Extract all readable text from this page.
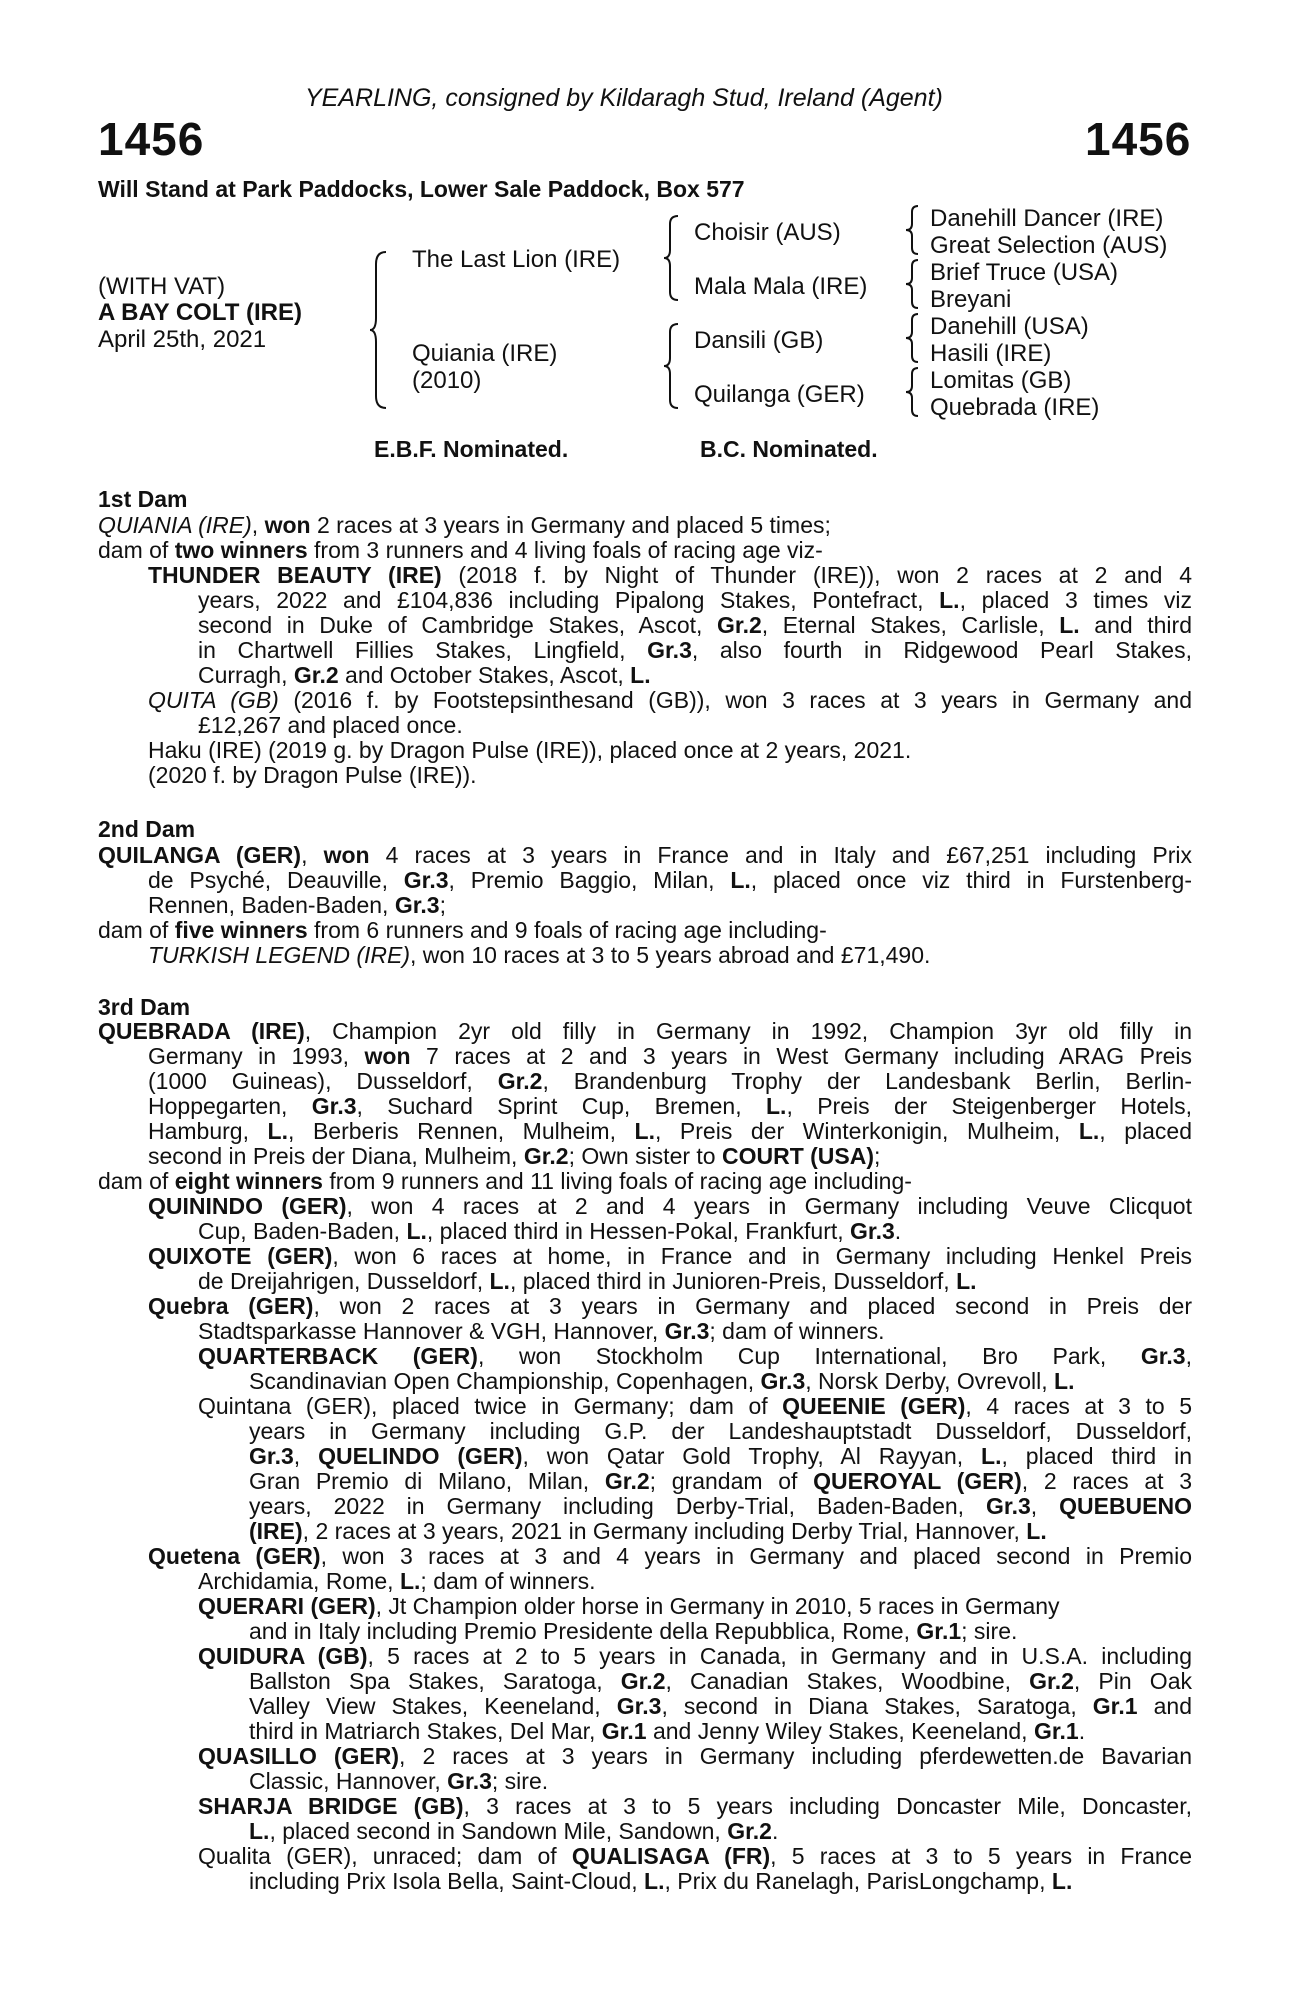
YEARLING, consigned by Kildaragh Stud, Ireland (Agent)
1456	1456
Will Stand at Park Paddocks, Lower Sale Paddock, Box 577
(WITH VAT)
A BAY COLT (IRE)
April 25th, 2021
The Last Lion (IRE)
Quiania (IRE)
(2010)
Choisir (AUS)
Mala Mala (IRE)
Dansili (GB)
Quilanga (GER)
Danehill Dancer (IRE)
Great Selection (AUS)
Brief Truce (USA)
Breyani
Danehill (USA)
Hasili (IRE)
Lomitas (GB)
Quebrada (IRE)
E.B.F. Nominated.	B.C. Nominated.
1st Dam
2nd Dam
3rd Dam
QUIANIA (IRE), won 2 races at 3 years in Germany and placed 5 times;
dam of two winners from 3 runners and 4 living foals of racing age viz-
THUNDER BEAUTY (IRE) (2018 f. by Night of Thunder (IRE)), won 2 races at 2 and 4
years, 2022 and £104,836 including Pipalong Stakes, Pontefract, L., placed 3 times viz
second in Duke of Cambridge Stakes, Ascot, Gr.2, Eternal Stakes, Carlisle, L. and third
in Chartwell Fillies Stakes, Lingfield, Gr.3, also fourth in Ridgewood Pearl Stakes,
Curragh, Gr.2 and October Stakes, Ascot, L.
QUITA (GB) (2016 f. by Footstepsinthesand (GB)), won 3 races at 3 years in Germany and
£12,267 and placed once.
Haku (IRE) (2019 g. by Dragon Pulse (IRE)), placed once at 2 years, 2021.
(2020 f. by Dragon Pulse (IRE)).
QUILANGA (GER), won 4 races at 3 years in France and in Italy and £67,251 including Prix
de Psyché, Deauville, Gr.3, Premio Baggio, Milan, L., placed once viz third in Furstenberg-
Rennen, Baden-Baden, Gr.3;
dam of five winners from 6 runners and 9 foals of racing age including-
TURKISH LEGEND (IRE), won 10 races at 3 to 5 years abroad and £71,490.
QUEBRADA (IRE), Champion 2yr old filly in Germany in 1992, Champion 3yr old filly in
Germany in 1993, won 7 races at 2 and 3 years in West Germany including ARAG Preis
(1000 Guineas), Dusseldorf, Gr.2, Brandenburg Trophy der Landesbank Berlin, Berlin-
Hoppegarten, Gr.3, Suchard Sprint Cup, Bremen, L., Preis der Steigenberger Hotels,
Hamburg, L., Berberis Rennen, Mulheim, L., Preis der Winterkonigin, Mulheim, L., placed
second in Preis der Diana, Mulheim, Gr.2; Own sister to COURT (USA);
dam of eight winners from 9 runners and 11 living foals of racing age including-
QUININDO (GER), won 4 races at 2 and 4 years in Germany including Veuve Clicquot
Cup, Baden-Baden, L., placed third in Hessen-Pokal, Frankfurt, Gr.3.
QUIXOTE (GER), won 6 races at home, in France and in Germany including Henkel Preis
de Dreijahrigen, Dusseldorf, L., placed third in Junioren-Preis, Dusseldorf, L.
Quebra (GER), won 2 races at 3 years in Germany and placed second in Preis der
Stadtsparkasse Hannover & VGH, Hannover, Gr.3; dam of winners.
QUARTERBACK (GER), won Stockholm Cup International, Bro Park, Gr.3,
Scandinavian Open Championship, Copenhagen, Gr.3, Norsk Derby, Ovrevoll, L.
Quintana (GER), placed twice in Germany; dam of QUEENIE (GER), 4 races at 3 to 5
years in Germany including G.P. der Landeshauptstadt Dusseldorf, Dusseldorf,
Gr.3, QUELINDO (GER), won Qatar Gold Trophy, Al Rayyan, L., placed third in
Gran Premio di Milano, Milan, Gr.2; grandam of QUEROYAL (GER), 2 races at 3
years, 2022 in Germany including Derby-Trial, Baden-Baden, Gr.3, QUEBUENO
(IRE), 2 races at 3 years, 2021 in Germany including Derby Trial, Hannover, L.
Quetena (GER), won 3 races at 3 and 4 years in Germany and placed second in Premio
Archidamia, Rome, L.; dam of winners.
QUERARI (GER), Jt Champion older horse in Germany in 2010, 5 races in Germany
and in Italy including Premio Presidente della Repubblica, Rome, Gr.1; sire.
QUIDURA (GB), 5 races at 2 to 5 years in Canada, in Germany and in U.S.A. including
Ballston Spa Stakes, Saratoga, Gr.2, Canadian Stakes, Woodbine, Gr.2, Pin Oak
Valley View Stakes, Keeneland, Gr.3, second in Diana Stakes, Saratoga, Gr.1 and
third in Matriarch Stakes, Del Mar, Gr.1 and Jenny Wiley Stakes, Keeneland, Gr.1.
QUASILLO (GER), 2 races at 3 years in Germany including pferdewetten.de Bavarian
Classic, Hannover, Gr.3; sire.
SHARJA BRIDGE (GB), 3 races at 3 to 5 years including Doncaster Mile, Doncaster,
L., placed second in Sandown Mile, Sandown, Gr.2.
Qualita (GER), unraced; dam of QUALISAGA (FR), 5 races at 3 to 5 years in France
including Prix Isola Bella, Saint-Cloud, L., Prix du Ranelagh, ParisLongchamp, L.
